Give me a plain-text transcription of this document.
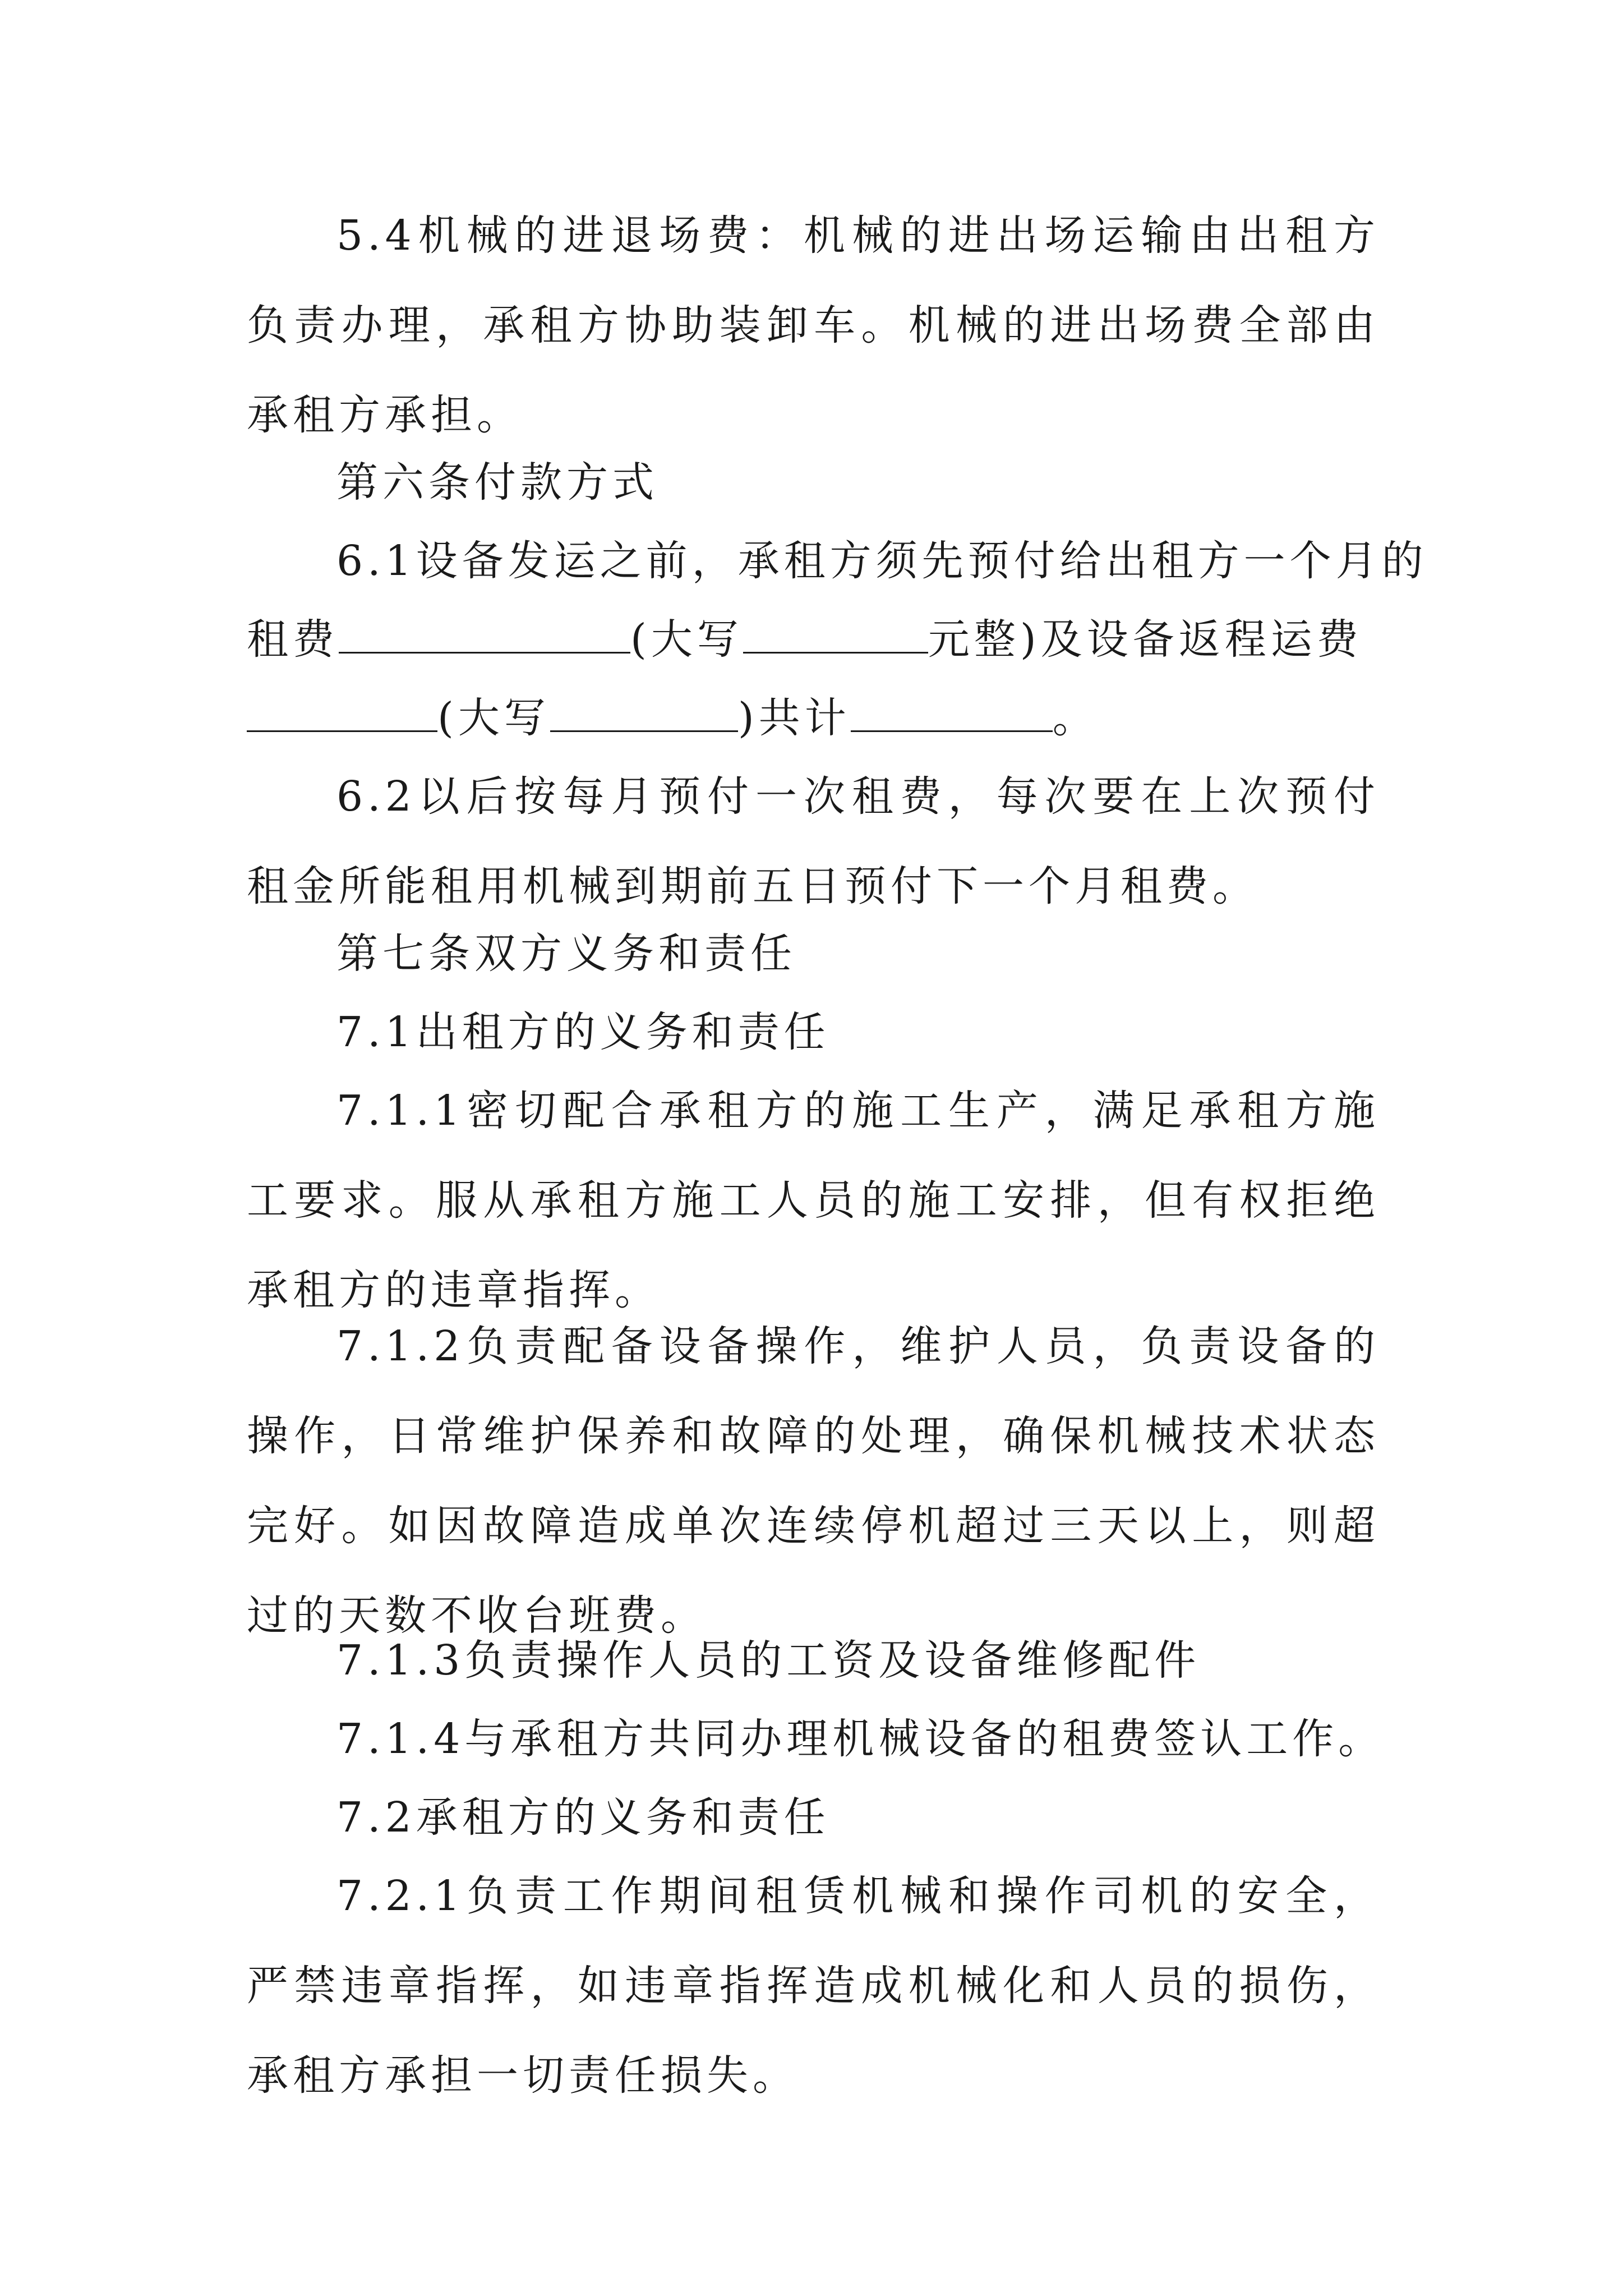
5.4机械的进退场费：机械的进出场运输由出租方负责办理，承租方协助装卸车。机械的进出场费全部由承租方承担。

第六条付款方式

6.1设备发运之前，承租方须先预付给出租方一个月的

租费	(大写	元整)及设备返程运费

(大写	)共计	。

6.2以后按每月预付一次租费，每次要在上次预付租金所能租用机械到期前五日预付下一个月租费。

第七条双方义务和责任

7.1出租方的义务和责任

7.1.1密切配合承租方的施工生产，满足承租方施工要求。服从承租方施工人员的施工安排，但有权拒绝承租方的违章指挥。

7.1.2负责配备设备操作，维护人员，负责设备的操作，日常维护保养和故障的处理，确保机械技术状态完好。如因故障造成单次连续停机超过三天以上，则超过的天数不收台班费。

7.1.3负责操作人员的工资及设备维修配件

7.1.4与承租方共同办理机械设备的租费签认工作。

7.2承租方的义务和责任

7.2.1负责工作期间租赁机械和操作司机的安全，严禁违章指挥，如违章指挥造成机械化和人员的损伤，承租方承担一切责任损失。
